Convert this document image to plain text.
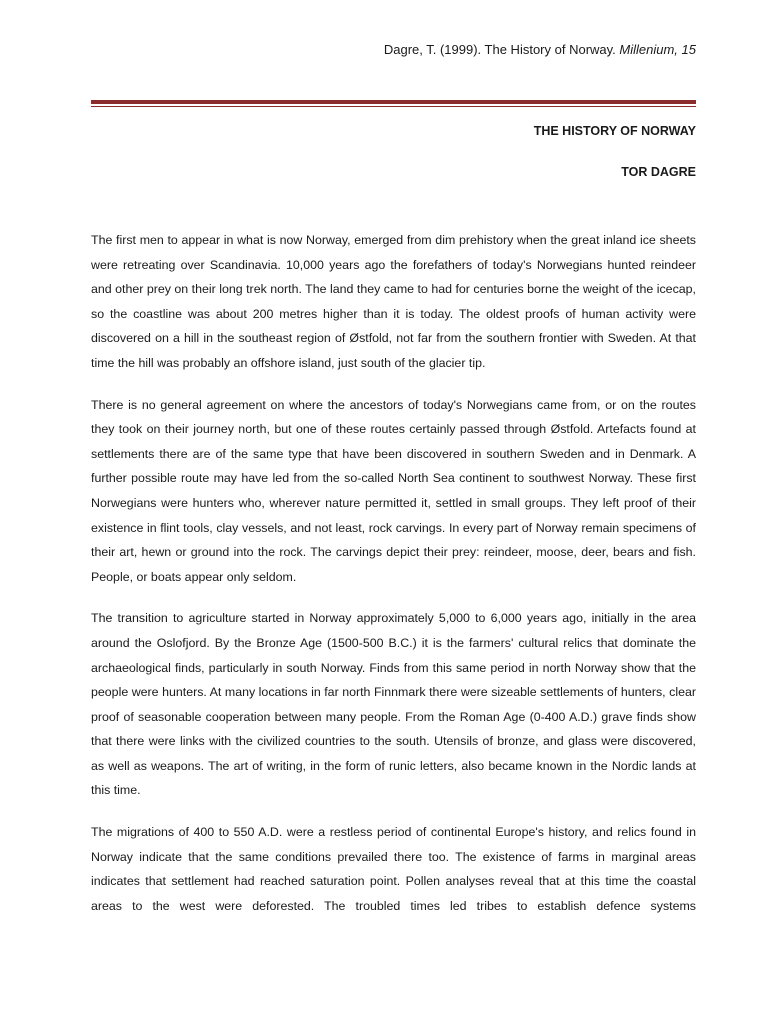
Dagre, T. (1999). The History of Norway. Millenium, 15
THE HISTORY OF NORWAY
TOR DAGRE

The first men to appear in what is now Norway, emerged from dim prehistory when the great inland ice sheets were retreating over Scandinavia. 10,000 years ago the forefathers of today's Norwegians hunted reindeer and other prey on their long trek north. The land they came to had for centuries borne the weight of the icecap, so the coastline was about 200 metres higher than it is today. The oldest proofs of human activity were discovered on a hill in the southeast region of Østfold, not far from the southern frontier with Sweden. At that time the hill was probably an offshore island, just south of the glacier tip.

There is no general agreement on where the ancestors of today's Norwegians came from, or on the routes they took on their journey north, but one of these routes certainly passed through Østfold. Artefacts found at settlements there are of the same type that have been discovered in southern Sweden and in Denmark. A further possible route may have led from the so-called North Sea continent to southwest Norway. These first Norwegians were hunters who, wherever nature permitted it, settled in small groups. They left proof of their existence in flint tools, clay vessels, and not least, rock carvings. In every part of Norway remain specimens of their art, hewn or ground into the rock. The carvings depict their prey: reindeer, moose, deer, bears and fish. People, or boats appear only seldom.

The transition to agriculture started in Norway approximately 5,000 to 6,000 years ago, initially in the area around the Oslofjord. By the Bronze Age (1500-500 B.C.) it is the farmers' cultural relics that dominate the archaeological finds, particularly in south Norway. Finds from this same period in north Norway show that the people were hunters. At many locations in far north Finnmark there were sizeable settlements of hunters, clear proof of seasonable cooperation between many people. From the Roman Age (0-400 A.D.) grave finds show that there were links with the civilized countries to the south. Utensils of bronze, and glass were discovered, as well as weapons. The art of writing, in the form of runic letters, also became known in the Nordic lands at this time.

The migrations of 400 to 550 A.D. were a restless period of continental Europe's history, and relics found in Norway indicate that the same conditions prevailed there too. The existence of farms in marginal areas indicates that settlement had reached saturation point. Pollen analyses reveal that at this time the coastal areas to the west were deforested. The troubled times led tribes to establish defence systems
